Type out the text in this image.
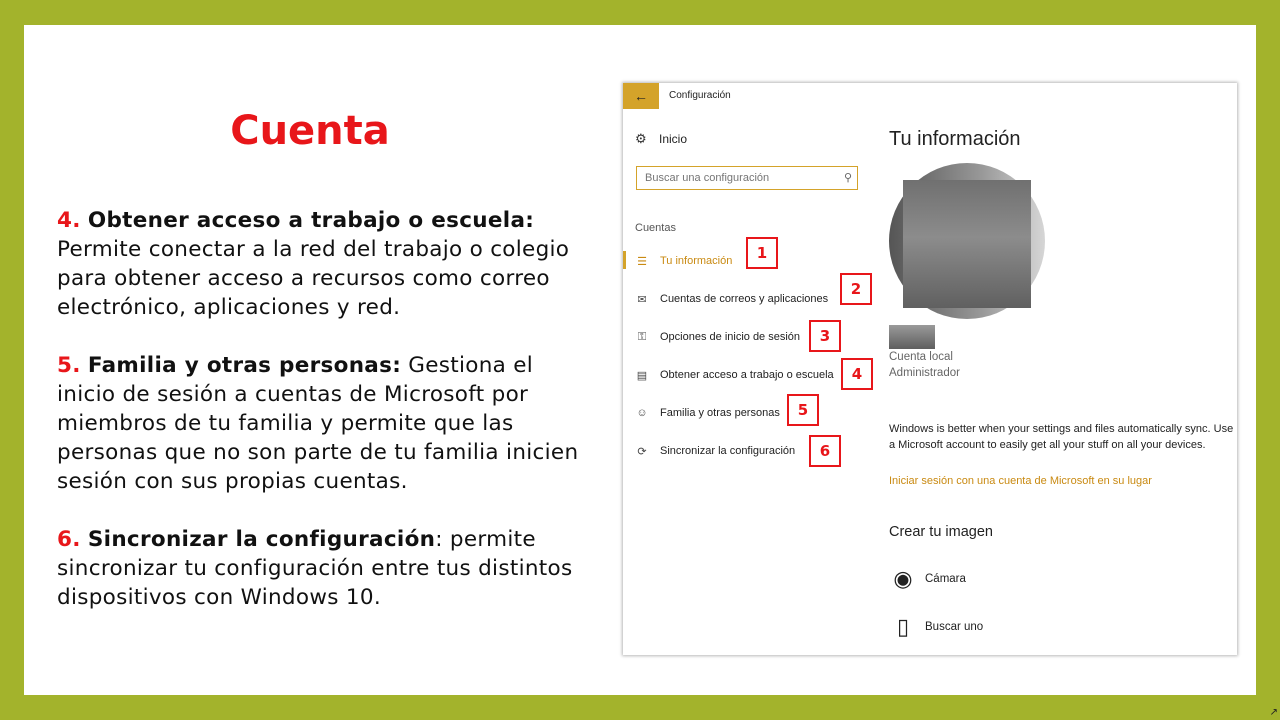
Cuenta

4. Obtener acceso a trabajo o escuela: Permite conectar a la red del trabajo o colegio para obtener acceso a recursos como correo electrónico, aplicaciones y red.

5. Familia y otras personas: Gestiona el inicio de sesión a cuentas de Microsoft por miembros de tu familia y permite que las personas que no son parte de tu familia inicien sesión con sus propias cuentas.

6. Sincronizar la configuración: permite sincronizar tu configuración entre tus distintos dispositivos con Windows 10.

← Configuración
⚙ Inicio
Buscar una configuración
⚲
Cuentas
☰ Tu información
✉ Cuentas de correos y aplicaciones
⚿ Opciones de inicio de sesión
▤ Obtener acceso a trabajo o escuela
☺ Familia y otras personas
⟳ Sincronizar la configuración
1
2
3
4
5
6
Tu información
Cuenta local
Administrador
Windows is better when your settings and files automatically sync. Use a Microsoft account to easily get all your stuff on all your devices.
Iniciar sesión con una cuenta de Microsoft en su lugar
Crear tu imagen
◉	Cámara
▯	Buscar uno
↗
